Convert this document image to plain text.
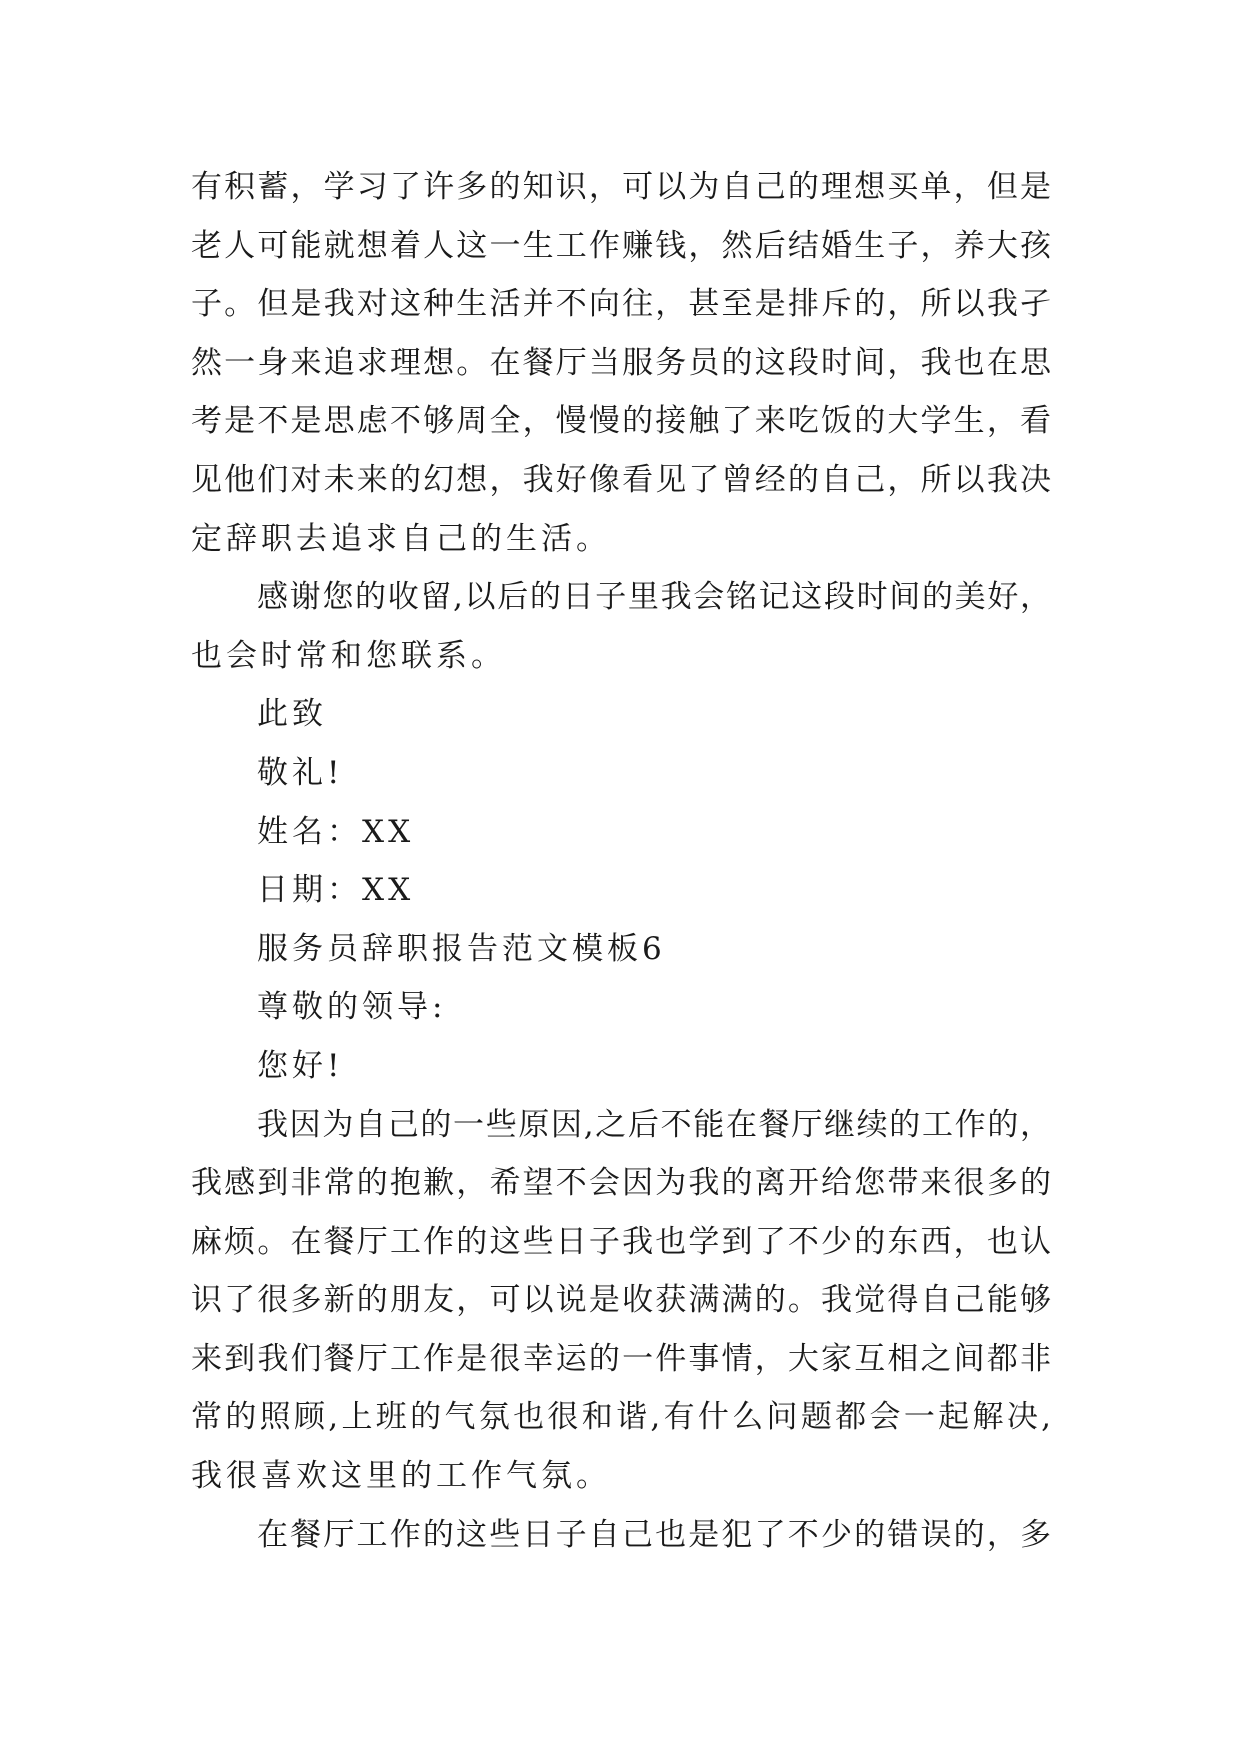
有积蓄，学习了许多的知识，可以为自己的理想买单，但是
老人可能就想着人这一生工作赚钱，然后结婚生子，养大孩
子。但是我对这种生活并不向往，甚至是排斥的，所以我孑
然一身来追求理想。在餐厅当服务员的这段时间，我也在思
考是不是思虑不够周全，慢慢的接触了来吃饭的大学生，看
见他们对未来的幻想，我好像看见了曾经的自己，所以我决
定辞职去追求自己的生活。
感谢您的收留,以后的日子里我会铭记这段时间的美好，
也会时常和您联系。
此致
敬礼!
姓名：XX
日期：XX
服务员辞职报告范文模板6
尊敬的领导:
您好!
我因为自己的一些原因,之后不能在餐厅继续的工作的，
我感到非常的抱歉，希望不会因为我的离开给您带来很多的
麻烦。在餐厅工作的这些日子我也学到了不少的东西，也认
识了很多新的朋友，可以说是收获满满的。我觉得自己能够
来到我们餐厅工作是很幸运的一件事情，大家互相之间都非
常的照顾,上班的气氛也很和谐,有什么问题都会一起解决,
我很喜欢这里的工作气氛。
在餐厅工作的这些日子自己也是犯了不少的错误的，多
